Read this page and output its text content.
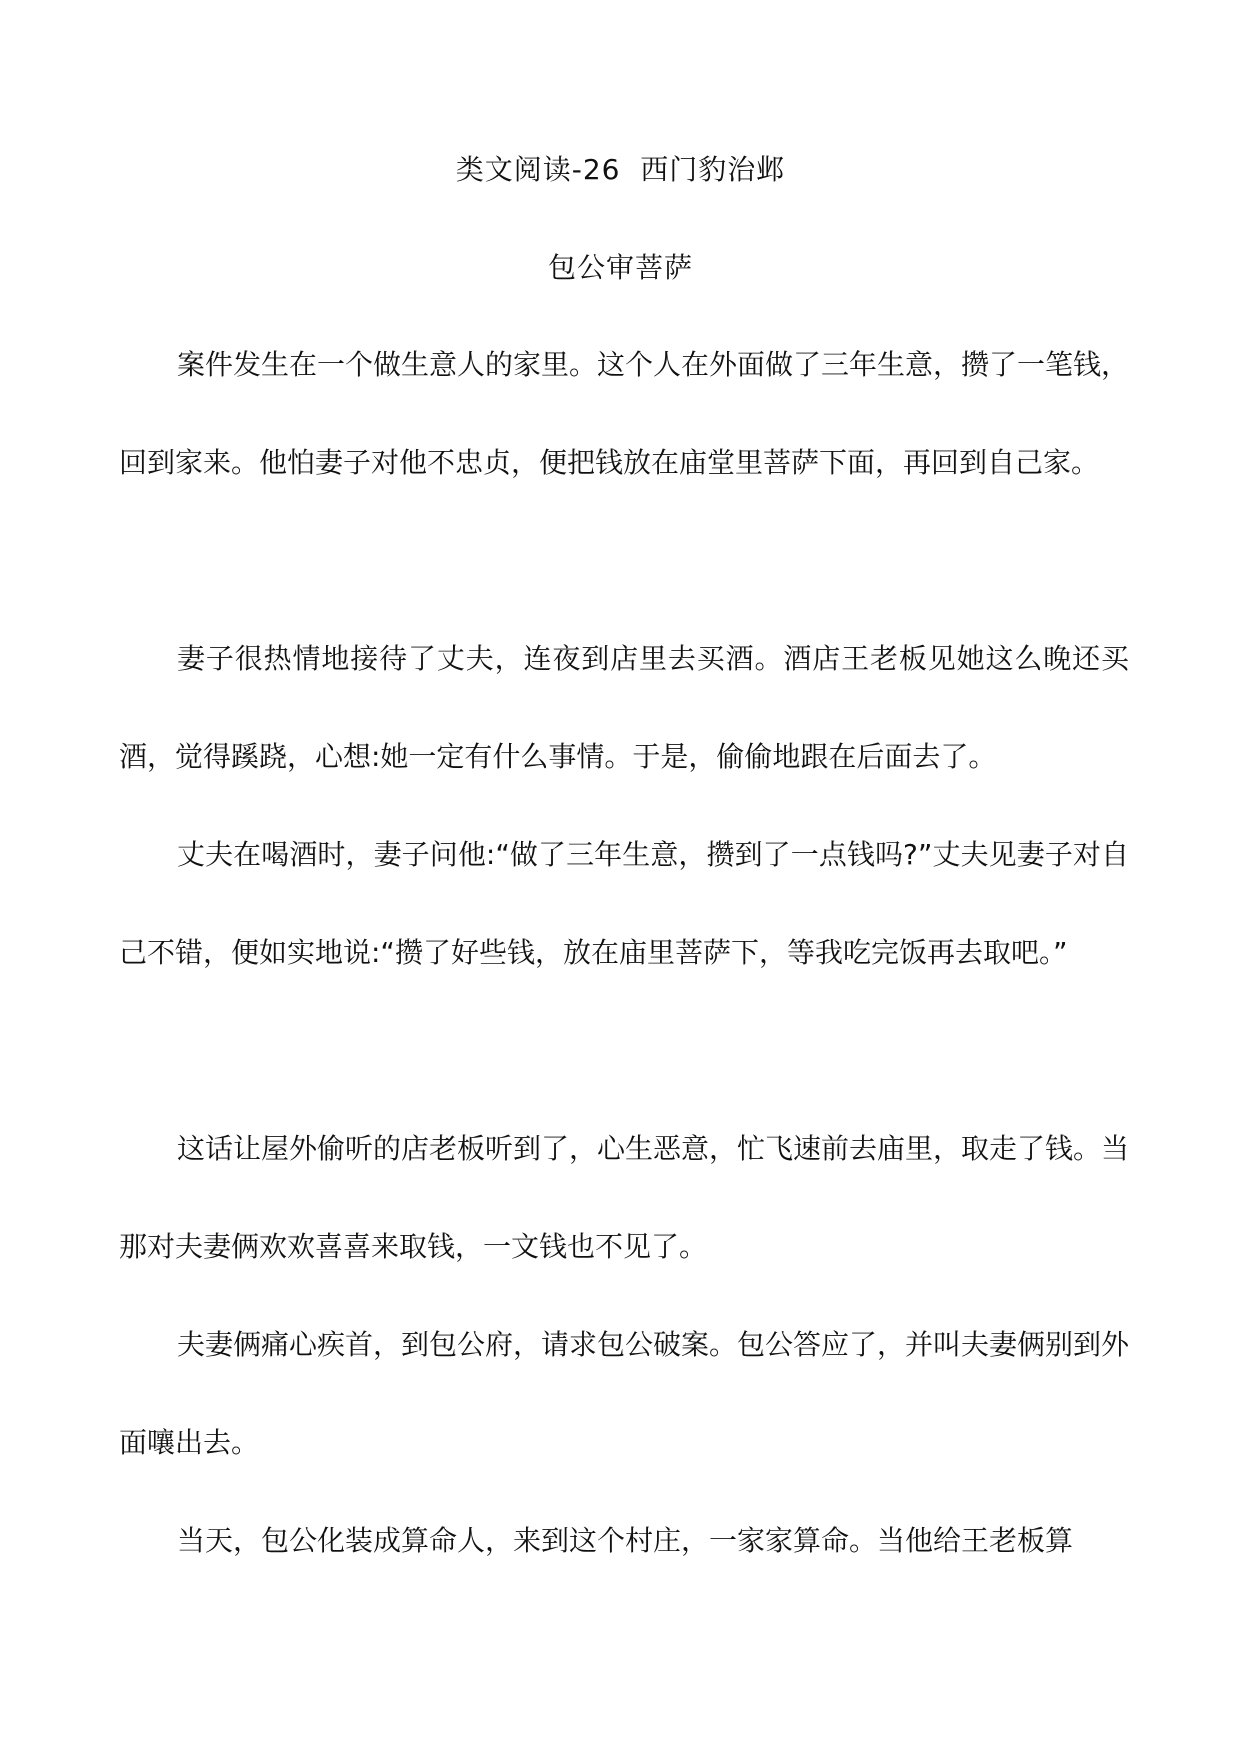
类文阅读-26  西门豹治邺
包公审菩萨

案件发生在一个做生意人的家里。这个人在外面做了三年生意，攒了一笔钱，回到家来。他怕妻子对他不忠贞，便把钱放在庙堂里菩萨下面，再回到自己家。

妻子很热情地接待了丈夫，连夜到店里去买酒。酒店王老板见她这么晚还买酒，觉得蹊跷，心想:她一定有什么事情。于是，偷偷地跟在后面去了。

丈夫在喝酒时，妻子问他:“做了三年生意，攒到了一点钱吗?”丈夫见妻子对自己不错，便如实地说:“攒了好些钱，放在庙里菩萨下，等我吃完饭再去取吧。”

这话让屋外偷听的店老板听到了，心生恶意，忙飞速前去庙里，取走了钱。当那对夫妻俩欢欢喜喜来取钱，一文钱也不见了。

夫妻俩痛心疾首，到包公府，请求包公破案。包公答应了，并叫夫妻俩别到外面嚷出去。

当天，包公化装成算命人，来到这个村庄，一家家算命。当他给王老板算
